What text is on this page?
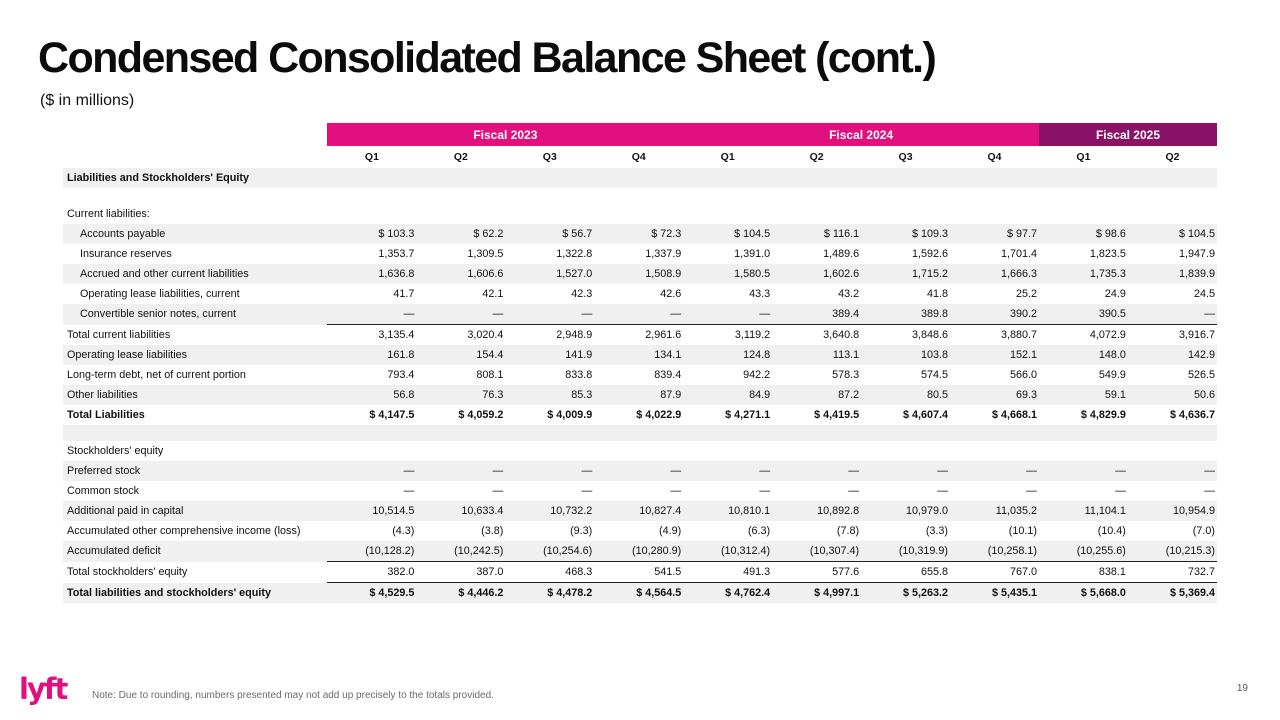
Condensed Consolidated Balance Sheet (cont.)
($ in millions)
	Fiscal 2023				Fiscal 2024				Fiscal 2025	
	Q1	Q2	Q3	Q4	Q1	Q2	Q3	Q4	Q1	Q2
Liabilities and Stockholders' Equity										

Current liabilities:										
Accounts payable	$ 103.3	$ 62.2	$ 56.7	$ 72.3	$ 104.5	$ 116.1	$ 109.3	$ 97.7	$ 98.6	$ 104.5
Insurance reserves	1,353.7	1,309.5	1,322.8	1,337.9	1,391.0	1,489.6	1,592.6	1,701.4	1,823.5	1,947.9
Accrued and other current liabilities	1,636.8	1,606.6	1,527.0	1,508.9	1,580.5	1,602.6	1,715.2	1,666.3	1,735.3	1,839.9
Operating lease liabilities, current	41.7	42.1	42.3	42.6	43.3	43.2	41.8	25.2	24.9	24.5
Convertible senior notes, current	—	—	—	—	—	389.4	389.8	390.2	390.5	—
Total current liabilities	3,135.4	3,020.4	2,948.9	2,961.6	3,119.2	3,640.8	3,848.6	3,880.7	4,072.9	3,916.7
Operating lease liabilities	161.8	154.4	141.9	134.1	124.8	113.1	103.8	152.1	148.0	142.9
Long-term debt, net of current portion	793.4	808.1	833.8	839.4	942.2	578.3	574.5	566.0	549.9	526.5
Other liabilities	56.8	76.3	85.3	87.9	84.9	87.2	80.5	69.3	59.1	50.6
Total Liabilities	$ 4,147.5	$ 4,059.2	$ 4,009.9	$ 4,022.9	$ 4,271.1	$ 4,419.5	$ 4,607.4	$ 4,668.1	$ 4,829.9	$ 4,636.7

Stockholders' equity										
Preferred stock	—	—	—	—	—	—	—	—	—	—
Common stock	—	—	—	—	—	—	—	—	—	—
Additional paid in capital	10,514.5	10,633.4	10,732.2	10,827.4	10,810.1	10,892.8	10,979.0	11,035.2	11,104.1	10,954.9
Accumulated other comprehensive income (loss)	(4.3)	(3.8)	(9.3)	(4.9)	(6.3)	(7.8)	(3.3)	(10.1)	(10.4)	(7.0)
Accumulated deficit	(10,128.2)	(10,242.5)	(10,254.6)	(10,280.9)	(10,312.4)	(10,307.4)	(10,319.9)	(10,258.1)	(10,255.6)	(10,215.3)
Total stockholders' equity	382.0	387.0	468.3	541.5	491.3	577.6	655.8	767.0	838.1	732.7
Total liabilities and stockholders' equity	$ 4,529.5	$ 4,446.2	$ 4,478.2	$ 4,564.5	$ 4,762.4	$ 4,997.1	$ 5,263.2	$ 5,435.1	$ 5,668.0	$ 5,369.4
lyft	Note: Due to rounding, numbers presented may not add up precisely to the totals provided.
19
